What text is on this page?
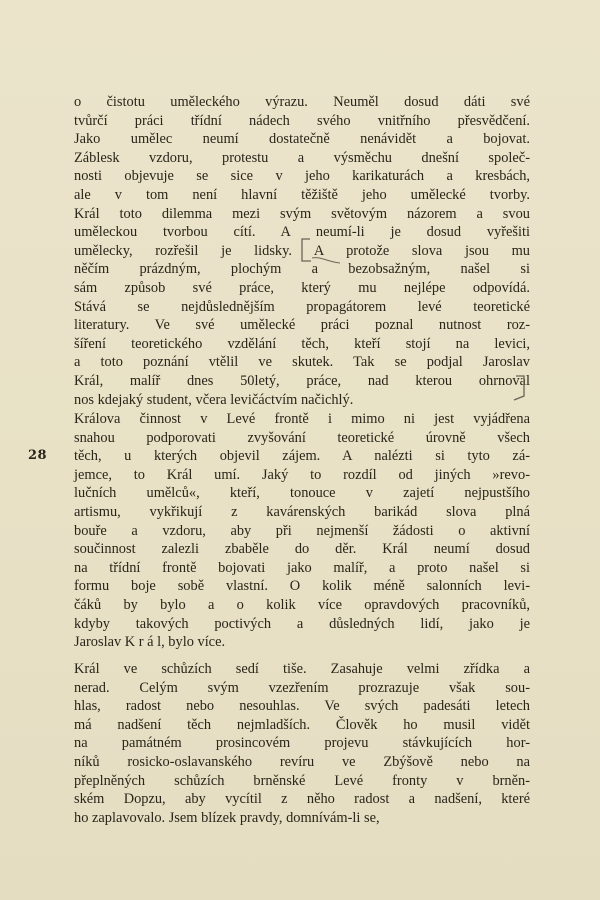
o čistotu uměleckého výrazu. Neuměl dosud dáti své
tvůrčí práci třídní nádech svého vnitřního přesvědčení.
Jako umělec neumí dostatečně nenávidět a bojovat.
Záblesk vzdoru, protestu a výsměchu dnešní společ-
nosti objevuje se sice v jeho karikaturách a kresbách,
ale v tom není hlavní těžiště jeho umělecké tvorby.
Král toto dilemma mezi svým světovým názorem a svou
uměleckou tvorbou cítí. A neumí-li je dosud vyřešiti
umělecky, rozřešil je lidsky. A protože slova jsou mu
něčím prázdným, plochým a bezobsažným, našel si
sám způsob své práce, který mu nejlépe odpovídá.
Stává se nejdůslednějším propagátorem levé teoretické
literatury. Ve své umělecké práci poznal nutnost roz-
šíření teoretického vzdělání těch, kteří stojí na levici,
a toto poznání vtělil ve skutek. Tak se podjal Jaroslav
Král, malíř dnes 50letý, práce, nad kterou ohrnoval
nos kdejaký student, včera levičáctvím načichlý.
Králova činnost v Levé frontě i mimo ni jest vyjádřena
snahou podporovati zvyšování teoretické úrovně všech
těch, u kterých objevil zájem. A nalézti si tyto zá-
jemce, to Král umí. Jaký to rozdíl od jiných »revo-
lučních umělců«, kteří, tonouce v zajetí nejpustšího
artismu, vykřikují z kavárenských barikád slova plná
bouře a vzdoru, aby při nejmenší žádosti o aktivní
součinnost zalezli zbaběle do děr. Král neumí dosud
na třídní frontě bojovati jako malíř, a proto našel si
formu boje sobě vlastní. O kolik méně salonních levi-
čáků by bylo a o kolik více opravdových pracovníků,
kdyby takových poctivých a důsledných lidí, jako je
Jaroslav K r á l, bylo více.
Král ve schůzích sedí tiše. Zasahuje velmi zřídka a
nerad. Celým svým vzezřením prozrazuje však sou-
hlas, radost nebo nesouhlas. Ve svých padesáti letech
má nadšení těch nejmladších. Člověk ho musil vidět
na památném prosincovém projevu stávkujících hor-
níků rosicko-oslavanského revíru ve Zbýšově nebo na
přeplněných schůzích brněnské Levé fronty v brněn-
ském Dopzu, aby vycítil z něho radost a nadšení, které
ho zaplavovalo. Jsem blízek pravdy, domnívám-li se,
28
